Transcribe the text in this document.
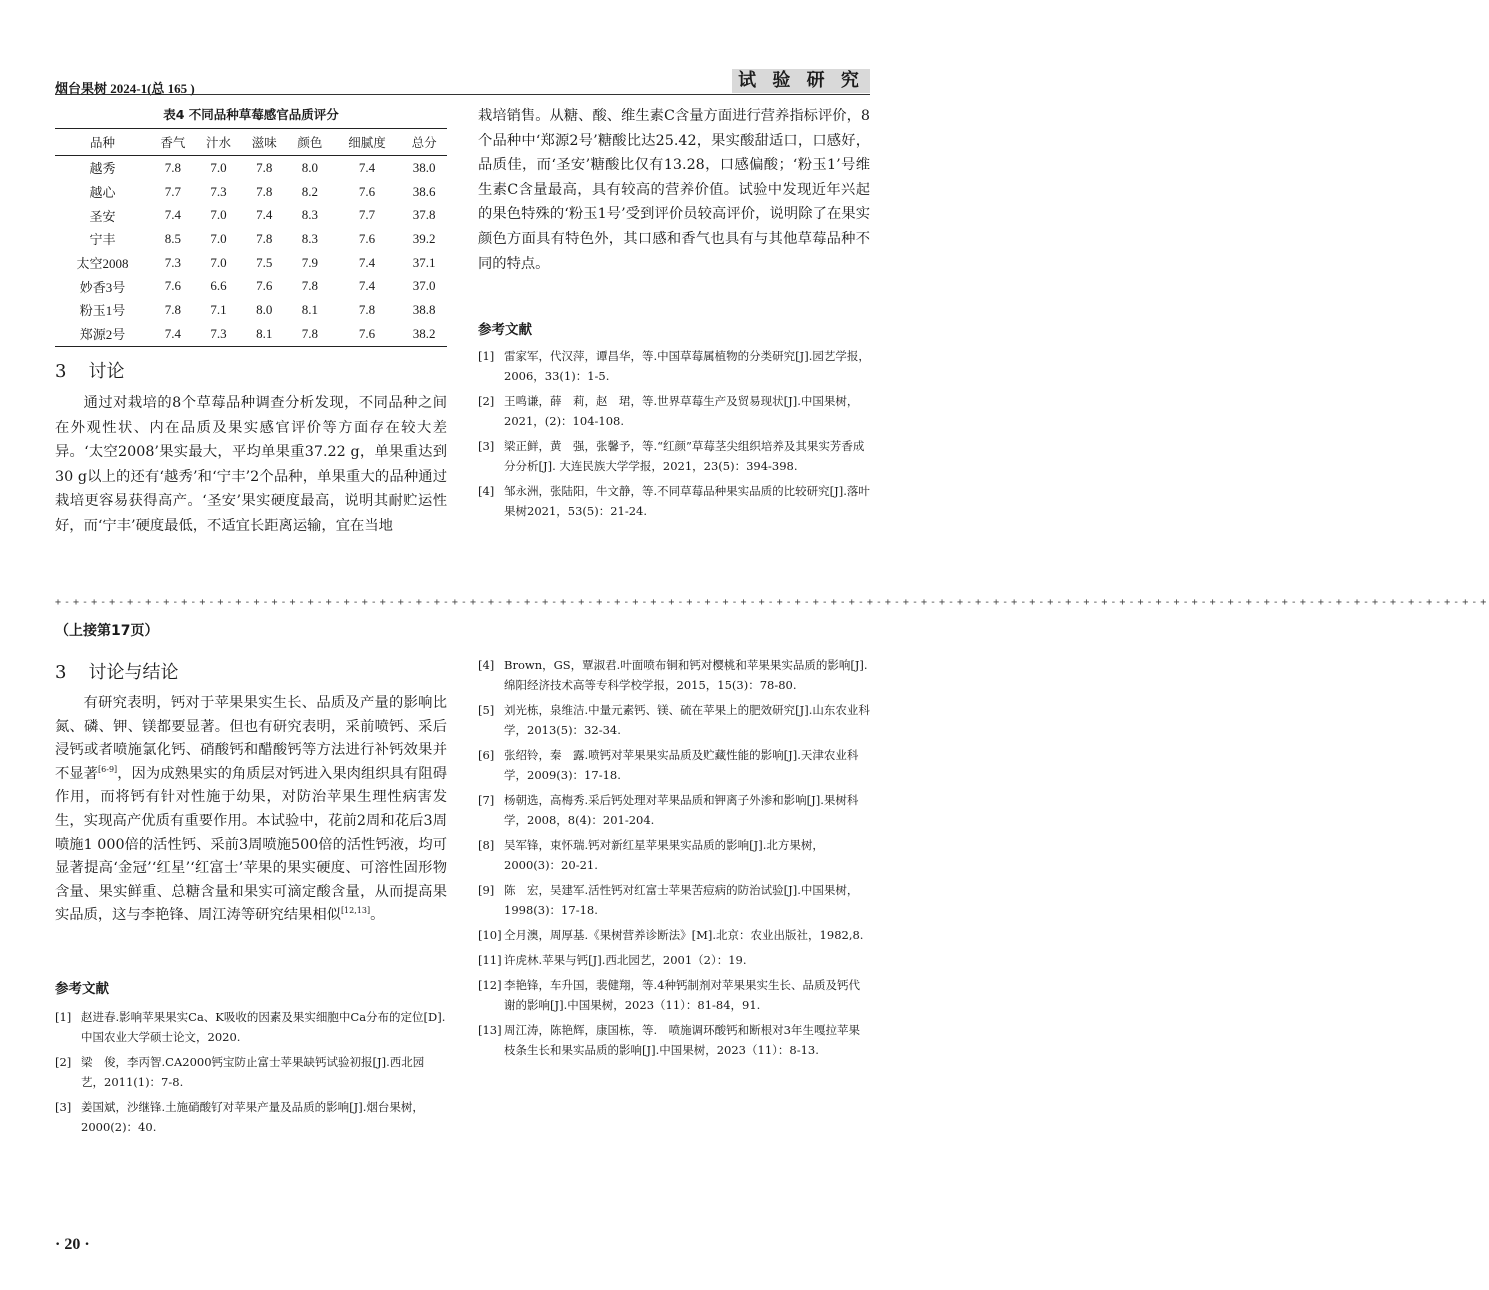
烟台果树 2024-1(总 165 )	试 验 研 究
表4 不同品种草莓感官品质评分
品种	香气	汁水	滋味	颜色	细腻度	总分
越秀	7.8	7.0	7.8	8.0	7.4	38.0
越心	7.7	7.3	7.8	8.2	7.6	38.6
圣安	7.4	7.0	7.4	8.3	7.7	37.8
宁丰	8.5	7.0	7.8	8.3	7.6	39.2
太空2008	7.3	7.0	7.5	7.9	7.4	37.1
妙香3号	7.6	6.6	7.6	7.8	7.4	37.0
粉玉1号	7.8	7.1	8.0	8.1	7.8	38.8
郑源2号	7.4	7.3	8.1	7.8	7.6	38.2
3 讨论

通过对栽培的8个草莓品种调查分析发现，不同品种之间在外观性状、内在品质及果实感官评价等方面存在较大差异。‘太空2008’果实最大，平均单果重37.22 g，单果重达到30 g以上的还有‘越秀’和‘宁丰’2个品种，单果重大的品种通过栽培更容易获得高产。‘圣安’果实硬度最高，说明其耐贮运性好，而‘宁丰’硬度最低，不适宜长距离运输，宜在当地

栽培销售。从糖、酸、维生素C含量方面进行营养指标评价，8个品种中‘郑源2号’糖酸比达25.42，果实酸甜适口，口感好，品质佳，而‘圣安’糖酸比仅有13.28，口感偏酸；‘粉玉1’号维生素C含量最高，具有较高的营养价值。试验中发现近年兴起的果色特殊的‘粉玉1号’受到评价员较高评价，说明除了在果实颜色方面具有特色外，其口感和香气也具有与其他草莓品种不同的特点。

参考文献
[1] 雷家军，代汉萍，谭昌华，等.中国草莓属植物的分类研究[J].园艺学报，2006，33(1)：1-5.
[2] 王鸣谦，薛　莉，赵　珺，等.世界草莓生产及贸易现状[J].中国果树，2021，(2)：104-108.
[3] 梁正鲜，黄　强，张馨予，等.“红颜”草莓茎尖组织培养及其果实芳香成分分析[J]. 大连民族大学学报，2021，23(5)：394-398.
[4] 邹永洲，张陆阳，牛文静，等.不同草莓品种果实品质的比较研究[J].落叶果树2021，53(5)：21-24.
+-+-+-+-+-+-+-+-+-+-+-+-+-+-+-+-+-+-+-+-+-+-+-+-+-+-+-+-+-+-+-+-+-+-+-+-+-+-+-+-+-+-+-+-+-+-+-+-+-+-+-+-+-+-+-+-+-+-+-+-+-+-+-+-+-+-+-+-+-+-+-+-+-+-+-+-+-+-+-+
（上接第17页）
3 讨论与结论

有研究表明，钙对于苹果果实生长、品质及产量的影响比氮、磷、钾、镁都要显著。但也有研究表明，采前喷钙、采后浸钙或者喷施氯化钙、硝酸钙和醋酸钙等方法进行补钙效果并不显著[6-9]，因为成熟果实的角质层对钙进入果肉组织具有阻碍作用，而将钙有针对性施于幼果，对防治苹果生理性病害发生，实现高产优质有重要作用。本试验中，花前2周和花后3周喷施1 000倍的活性钙、采前3周喷施500倍的活性钙液，均可显著提高‘金冠’‘红星’‘红富士’苹果的果实硬度、可溶性固形物含量、果实鲜重、总糖含量和果实可滴定酸含量，从而提高果实品质，这与李艳锋、周江涛等研究结果相似[12,13]。

参考文献
[1] 赵进春.影响苹果果实Ca、K吸收的因素及果实细胞中Ca分布的定位[D].中国农业大学硕士论文，2020.
[2] 梁　俊，李丙智.CA2000钙宝防止富士苹果缺钙试验初报[J].西北园艺，2011(1)：7-8.
[3] 姜国斌，沙继锋.土施硝酸钌对苹果产量及品质的影响[J].烟台果树，2000(2)：40.
[4] Brown，GS，覃淑君.叶面喷布铜和钙对樱桃和苹果果实品质的影响[J].绵阳经济技术高等专科学校学报，2015，15(3)：78-80.
[5] 刘光栋，泉维洁.中量元素钙、镁、硫在苹果上的肥效研究[J].山东农业科学，2013(5)：32-34.
[6] 张绍铃，秦　露.喷钙对苹果果实品质及贮藏性能的影响[J].天津农业科学，2009(3)：17-18.
[7] 杨朝选，高梅秀.采后钙处理对苹果品质和钾离子外渗和影响[J].果树科学，2008，8(4)：201-204.
[8] 吴军锋，束怀瑞.钙对新红星苹果果实品质的影响[J].北方果树，2000(3)：20-21.
[9] 陈　宏，吴建军.活性钙对红富士苹果苦痘病的防治试验[J].中国果树，1998(3)：17-18.
[10] 仝月澳，周厚基.《果树营养诊断法》[M].北京：农业出版社，1982,8.
[11] 许虎林.苹果与钙[J].西北园艺，2001（2）：19.
[12] 李艳锋，车升国，裴健翔，等.4种钙制剂对苹果果实生长、品质及钙代谢的影响[J].中国果树，2023（11）：81-84，91.
[13] 周江涛，陈艳辉，康国栋，等.　喷施调环酸钙和断根对3年生嘎拉苹果枝条生长和果实品质的影响[J].中国果树，2023（11）：8-13.
· 20 ·
